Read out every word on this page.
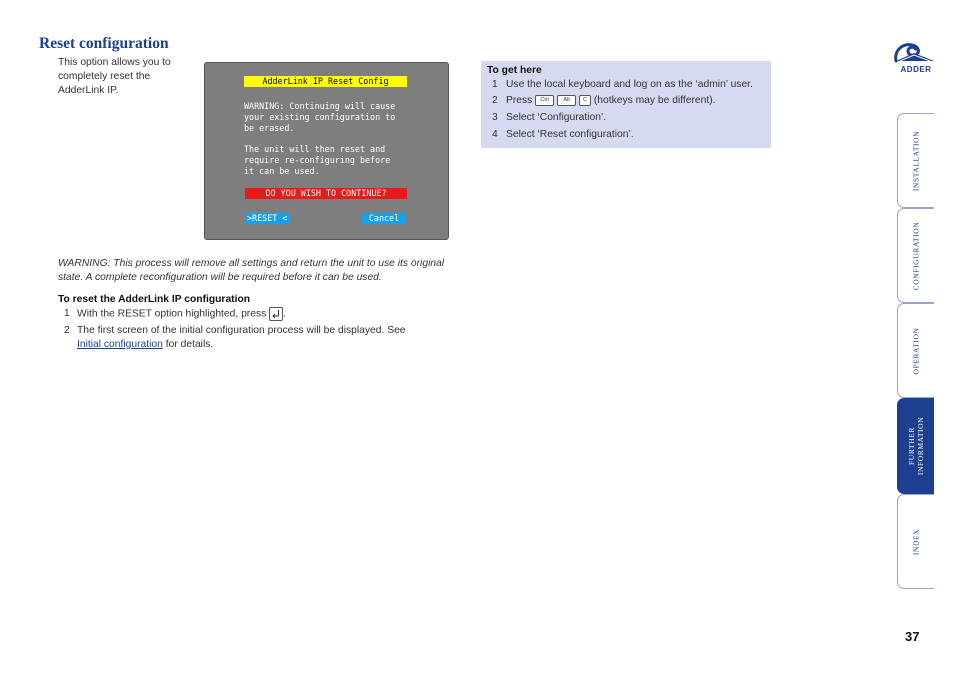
Reset configuration
This option allows you to completely reset the AdderLink IP.
AdderLink IP Reset Config
WARNING: Continuing will cause
your existing configuration to
be erased.
The unit will then reset and
require re-configuring before
it can be used.
DO YOU WISH TO CONTINUE?
>RESET <	Cancel
WARNING: This process will remove all settings and return the unit to use its original state. A complete reconfiguration will be required before it can be used.
To reset the AdderLink IP configuration
1 With the RESET option highlighted, press .
2 The first screen of the initial configuration process will be displayed. See Initial configuration for details.
To get here
1 Use the local keyboard and log on as the ‘admin’ user.
2 Press Ctrl	Alt C (hotkeys may be different).
3 Select ‘Configuration’.
4 Select ‘Reset configuration’.
ADDER
INSTALLATION
CONFIGURATION
OPERATION
FURTHER INFORMATION
INDEX
37
